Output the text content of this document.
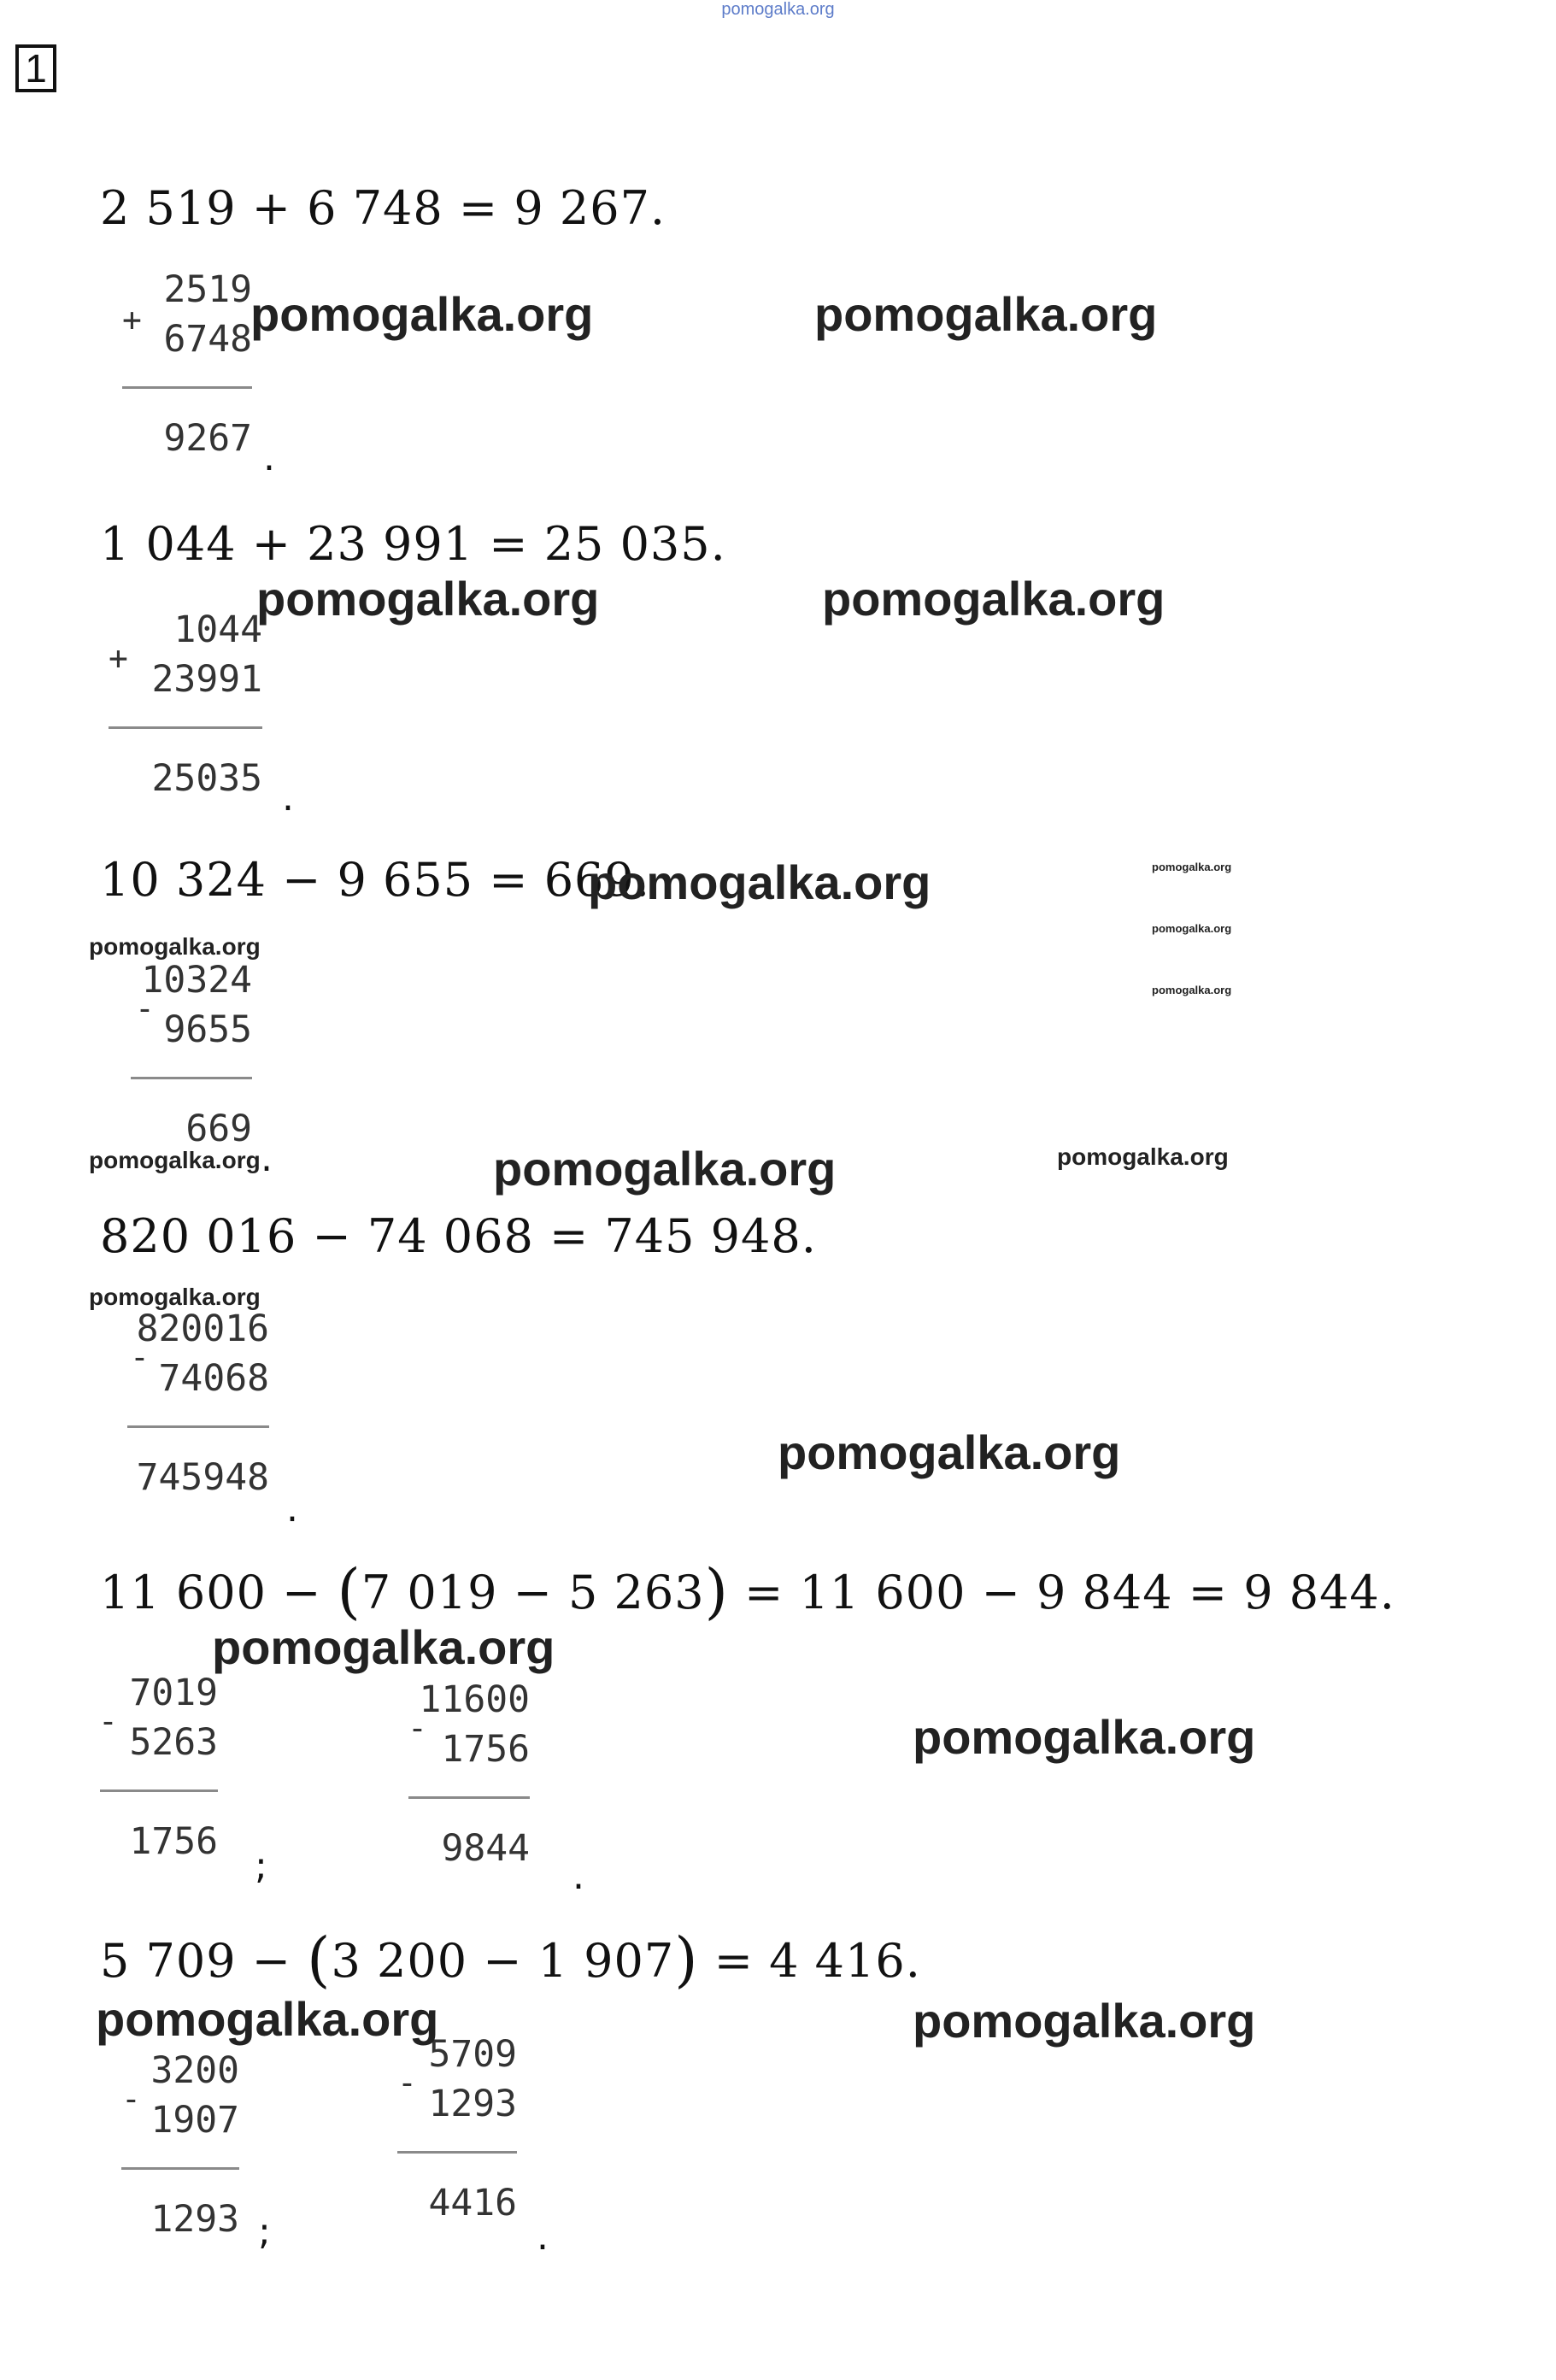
pomogalka.org
1
2 519 + 6 748 = 9 267.
+
2519
6748
9267 .
1 044 + 23 991 = 25 035.
+
1044
23991
25035 .
10 324 − 9 655 = 669.
-
10324
9655
669
.
820 016 − 74 068 = 745 948.
-
820016
74068
745948
.
11 600 − (7 019 − 5 263) = 11 600 − 9 844 = 9 844.
-
7019
5263
1756
;
-
11600
1756
9844
.
5 709 − (3 200 − 1 907) = 4 416.
-
3200
1907
1293 ;
-
5709
1293
4416
.
pomogalka.org	pomogalka.org
pomogalka.org	pomogalka.org
pomogalka.org	pomogalka.org
pomogalka.org
pomogalka.org
pomogalka.org
pomogalka.org	pomogalka.org	pomogalka.org
pomogalka.org
pomogalka.org
pomogalka.org
pomogalka.org
pomogalka.org	pomogalka.org
